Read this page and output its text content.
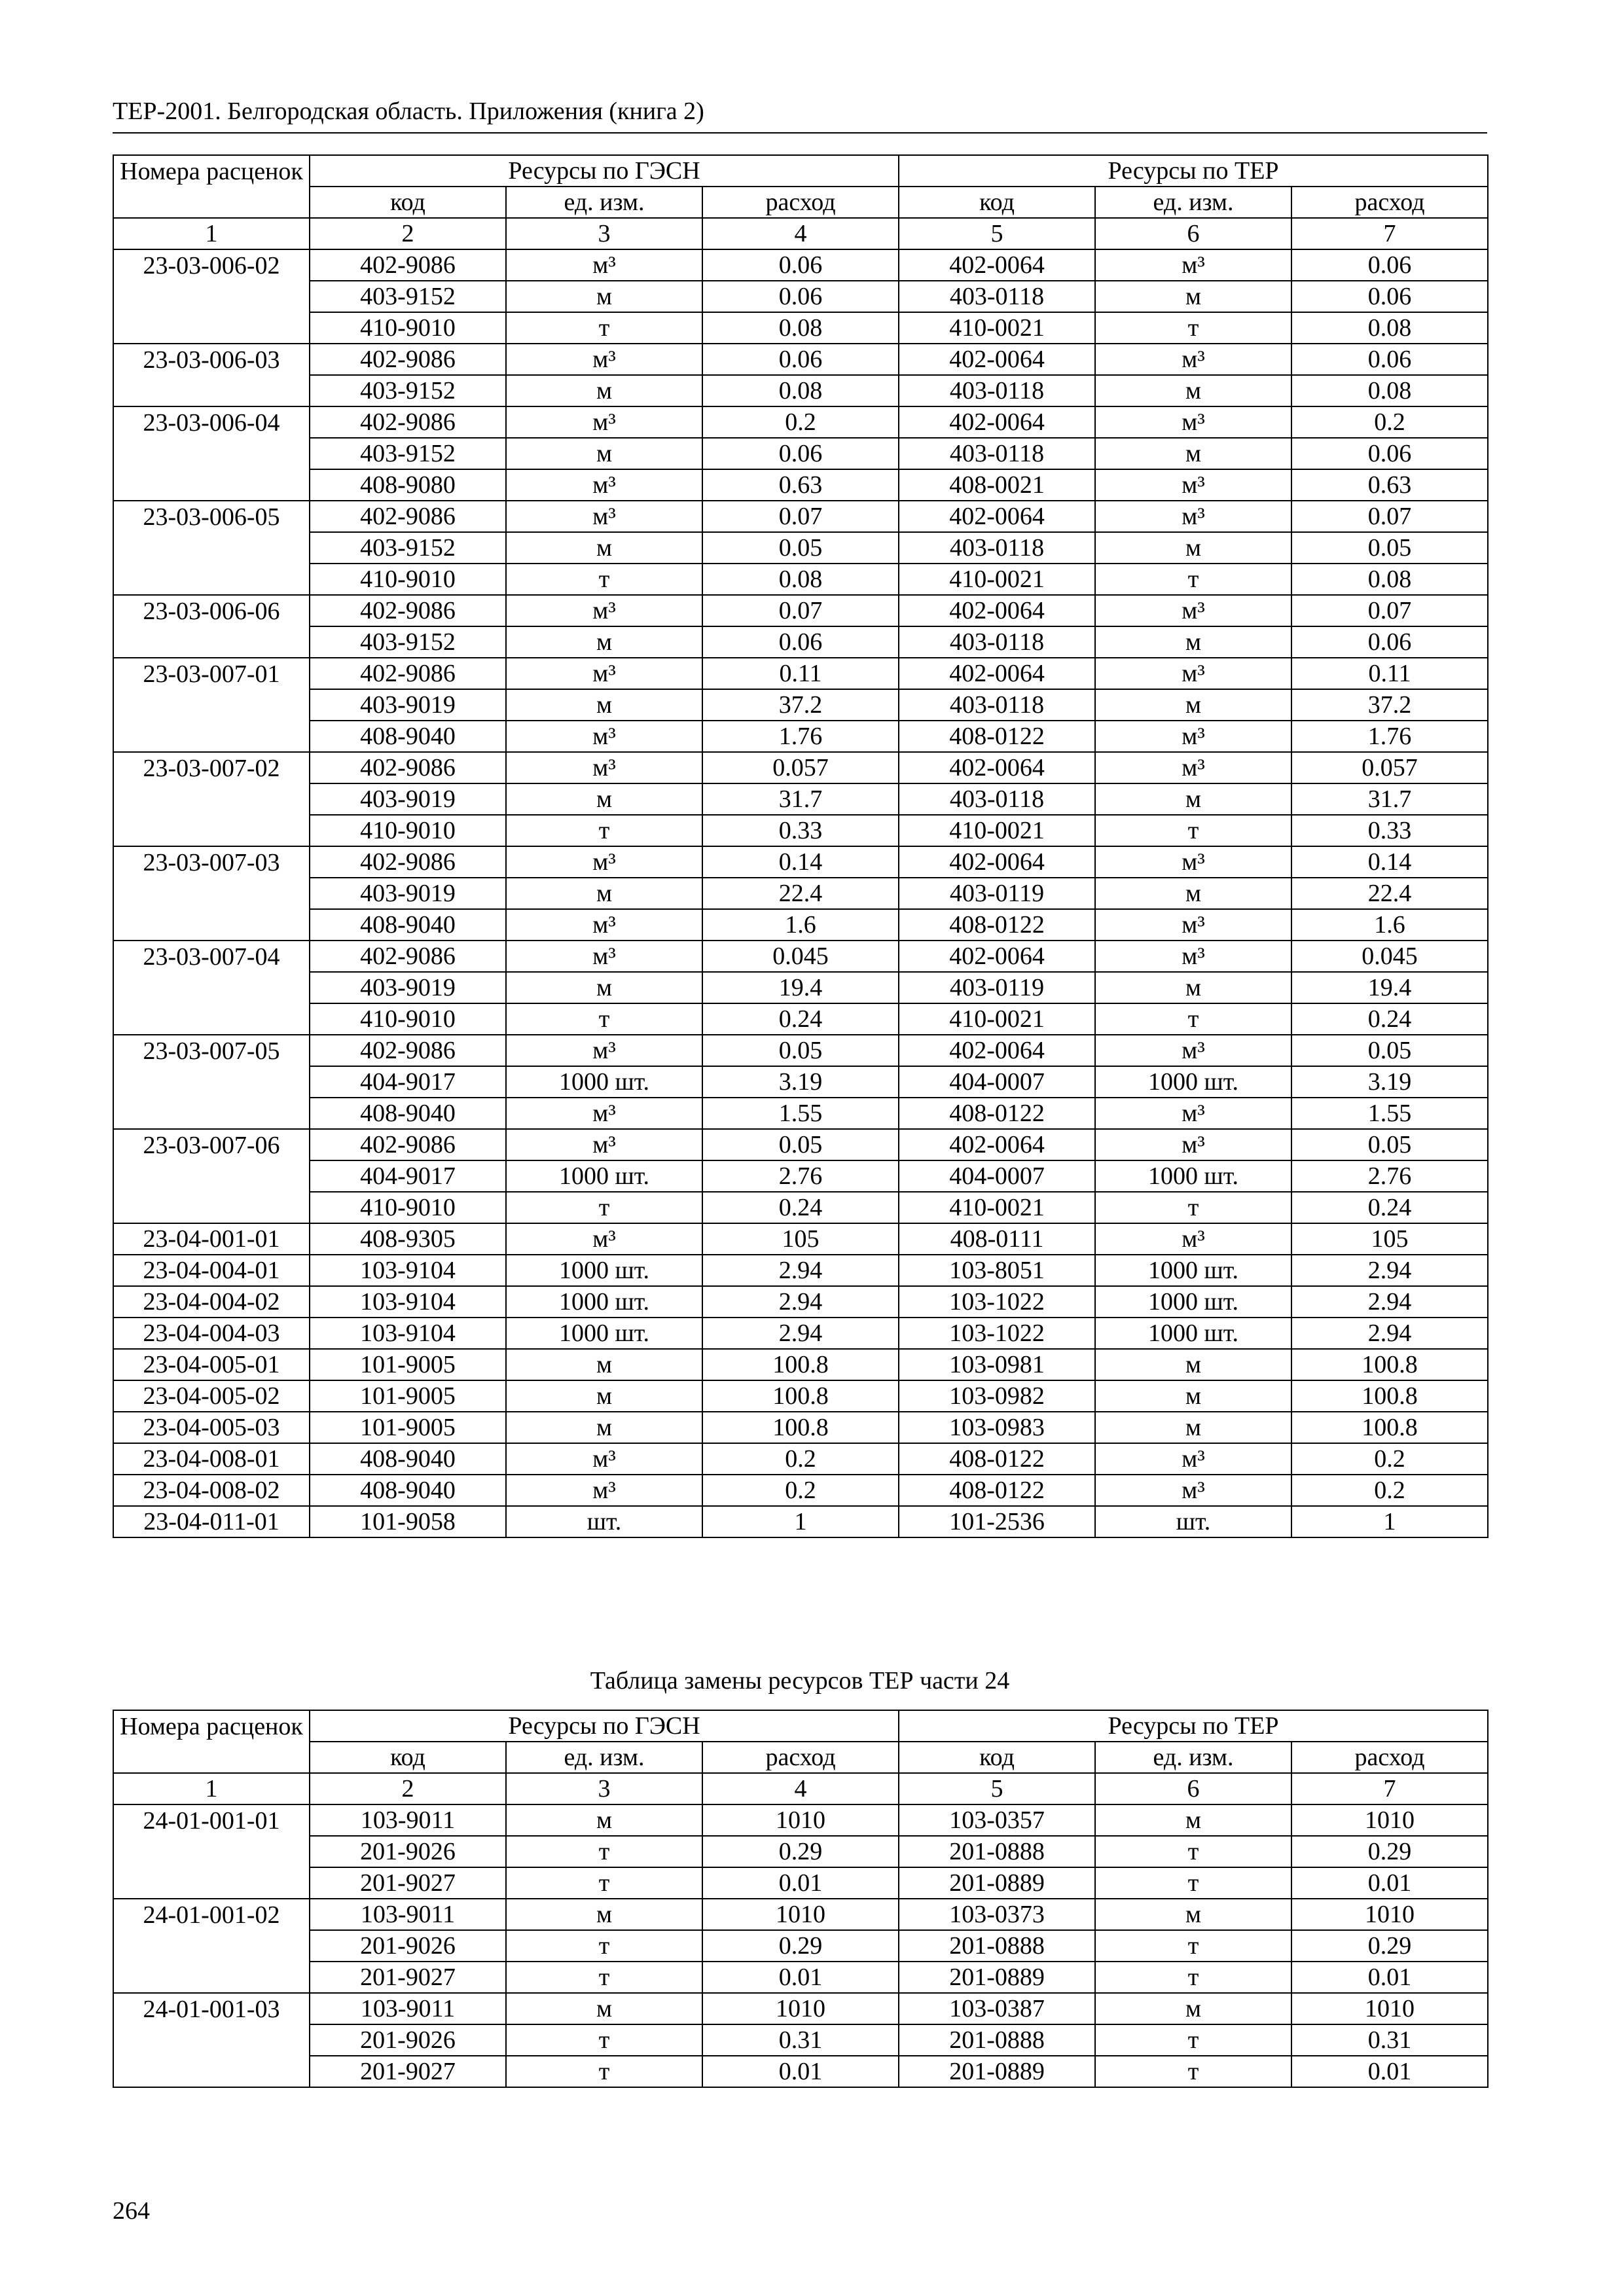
ТЕР-2001. Белгородская область. Приложения (книга 2)
Номера расценок	Ресурсы по ГЭСН			Ресурсы по ТЕР		
	код	ед. изм.	расход	код	ед. изм.	расход
1	2	3	4	5	6	7
23-03-006-02	402-9086	м³	0.06	402-0064	м³	0.06
	403-9152	м	0.06	403-0118	м	0.06
	410-9010	т	0.08	410-0021	т	0.08
23-03-006-03	402-9086	м³	0.06	402-0064	м³	0.06
	403-9152	м	0.08	403-0118	м	0.08
23-03-006-04	402-9086	м³	0.2	402-0064	м³	0.2
	403-9152	м	0.06	403-0118	м	0.06
	408-9080	м³	0.63	408-0021	м³	0.63
23-03-006-05	402-9086	м³	0.07	402-0064	м³	0.07
	403-9152	м	0.05	403-0118	м	0.05
	410-9010	т	0.08	410-0021	т	0.08
23-03-006-06	402-9086	м³	0.07	402-0064	м³	0.07
	403-9152	м	0.06	403-0118	м	0.06
23-03-007-01	402-9086	м³	0.11	402-0064	м³	0.11
	403-9019	м	37.2	403-0118	м	37.2
	408-9040	м³	1.76	408-0122	м³	1.76
23-03-007-02	402-9086	м³	0.057	402-0064	м³	0.057
	403-9019	м	31.7	403-0118	м	31.7
	410-9010	т	0.33	410-0021	т	0.33
23-03-007-03	402-9086	м³	0.14	402-0064	м³	0.14
	403-9019	м	22.4	403-0119	м	22.4
	408-9040	м³	1.6	408-0122	м³	1.6
23-03-007-04	402-9086	м³	0.045	402-0064	м³	0.045
	403-9019	м	19.4	403-0119	м	19.4
	410-9010	т	0.24	410-0021	т	0.24
23-03-007-05	402-9086	м³	0.05	402-0064	м³	0.05
	404-9017	1000 шт.	3.19	404-0007	1000 шт.	3.19
	408-9040	м³	1.55	408-0122	м³	1.55
23-03-007-06	402-9086	м³	0.05	402-0064	м³	0.05
	404-9017	1000 шт.	2.76	404-0007	1000 шт.	2.76
	410-9010	т	0.24	410-0021	т	0.24
23-04-001-01	408-9305	м³	105	408-0111	м³	105
23-04-004-01	103-9104	1000 шт.	2.94	103-8051	1000 шт.	2.94
23-04-004-02	103-9104	1000 шт.	2.94	103-1022	1000 шт.	2.94
23-04-004-03	103-9104	1000 шт.	2.94	103-1022	1000 шт.	2.94
23-04-005-01	101-9005	м	100.8	103-0981	м	100.8
23-04-005-02	101-9005	м	100.8	103-0982	м	100.8
23-04-005-03	101-9005	м	100.8	103-0983	м	100.8
23-04-008-01	408-9040	м³	0.2	408-0122	м³	0.2
23-04-008-02	408-9040	м³	0.2	408-0122	м³	0.2
23-04-011-01	101-9058	шт.	1	101-2536	шт.	1
Таблица замены ресурсов ТЕР части 24
Номера расценок	Ресурсы по ГЭСН			Ресурсы по ТЕР		
	код	ед. изм.	расход	код	ед. изм.	расход
1	2	3	4	5	6	7
24-01-001-01	103-9011	м	1010	103-0357	м	1010
	201-9026	т	0.29	201-0888	т	0.29
	201-9027	т	0.01	201-0889	т	0.01
24-01-001-02	103-9011	м	1010	103-0373	м	1010
	201-9026	т	0.29	201-0888	т	0.29
	201-9027	т	0.01	201-0889	т	0.01
24-01-001-03	103-9011	м	1010	103-0387	м	1010
	201-9026	т	0.31	201-0888	т	0.31
	201-9027	т	0.01	201-0889	т	0.01
264
